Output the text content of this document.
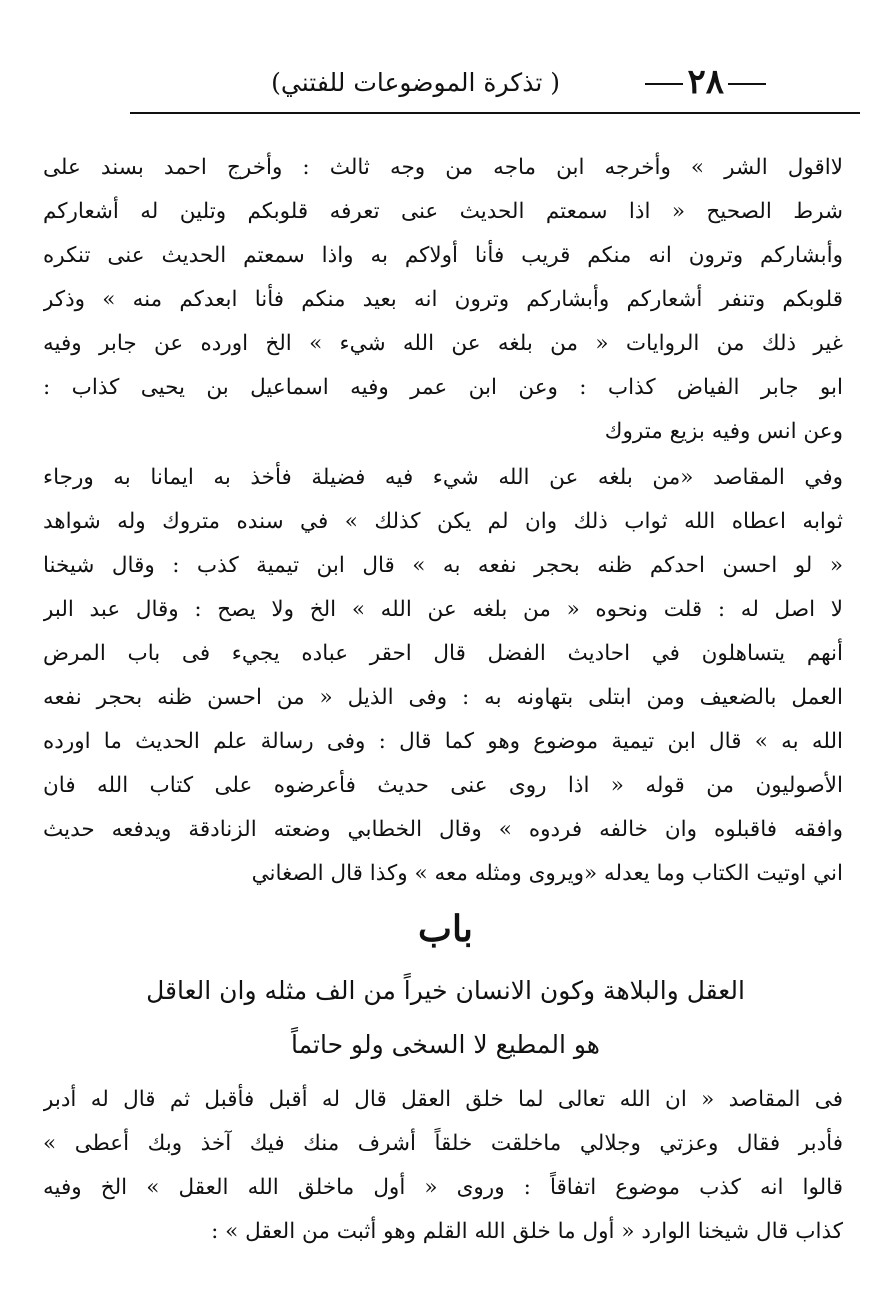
٢٨
( تذكرة الموضوعات للفتني)
لااقول الشر » وأخرجه ابن ماجه من وجه ثالث : وأخرج احمد بسند على
شرط الصحيح « اذا سمعتم الحديث عنى تعرفه قلوبكم وتلين له أشعاركم
وأبشاركم وترون انه منكم قريب فأنا أولاكم به واذا سمعتم الحديث عنى تنكره
قلوبكم وتنفر أشعاركم وأبشاركم وترون انه بعيد منكم فأنا ابعدكم منه » وذكر
غير ذلك من الروايات « من بلغه عن الله شيء » الخ اورده عن جابر وفيه
ابو جابر الفياض كذاب : وعن ابن عمر وفيه اسماعيل بن يحيى كذاب :
وعن انس وفيه بزيع متروك
وفي المقاصد «من بلغه عن الله شيء فيه فضيلة فأخذ به ايمانا به ورجاء
ثوابه اعطاه الله ثواب ذلك وان لم يكن كذلك » في سنده متروك وله شواهد
« لو احسن احدكم ظنه بحجر نفعه به » قال ابن تيمية كذب : وقال شيخنا
لا اصل له : قلت ونحوه « من بلغه عن الله » الخ ولا يصح : وقال عبد البر
أنهم يتساهلون في احاديث الفضل قال احقر عباده يجيء فى باب المرض
العمل بالضعيف ومن ابتلى بتهاونه به : وفى الذيل « من احسن ظنه بحجر نفعه
الله به » قال ابن تيمية موضوع وهو كما قال : وفى رسالة علم الحديث ما اورده
الأصوليون من قوله « اذا روى عنى حديث فأعرضوه على كتاب الله فان
وافقه فاقبلوه وان خالفه فردوه » وقال الخطابي وضعته الزنادقة ويدفعه حديث
اني اوتيت الكتاب وما يعدله «ويروى ومثله معه » وكذا قال الصغاني
باب
العقل والبلاهة وكون الانسان خيراً من الف مثله وان العاقل
هو المطيع لا السخى ولو حاتماً
فى المقاصد « ان الله تعالى لما خلق العقل قال له أقبل فأقبل ثم قال له أدبر
فأدبر فقال وعزتي وجلالي ماخلقت خلقاً أشرف منك فيك آخذ وبك أعطى »
قالوا انه كذب موضوع اتفاقاً : وروى « أول ماخلق الله العقل » الخ وفيه
كذاب قال شيخنا الوارد « أول ما خلق الله القلم وهو أثبت من العقل » :
